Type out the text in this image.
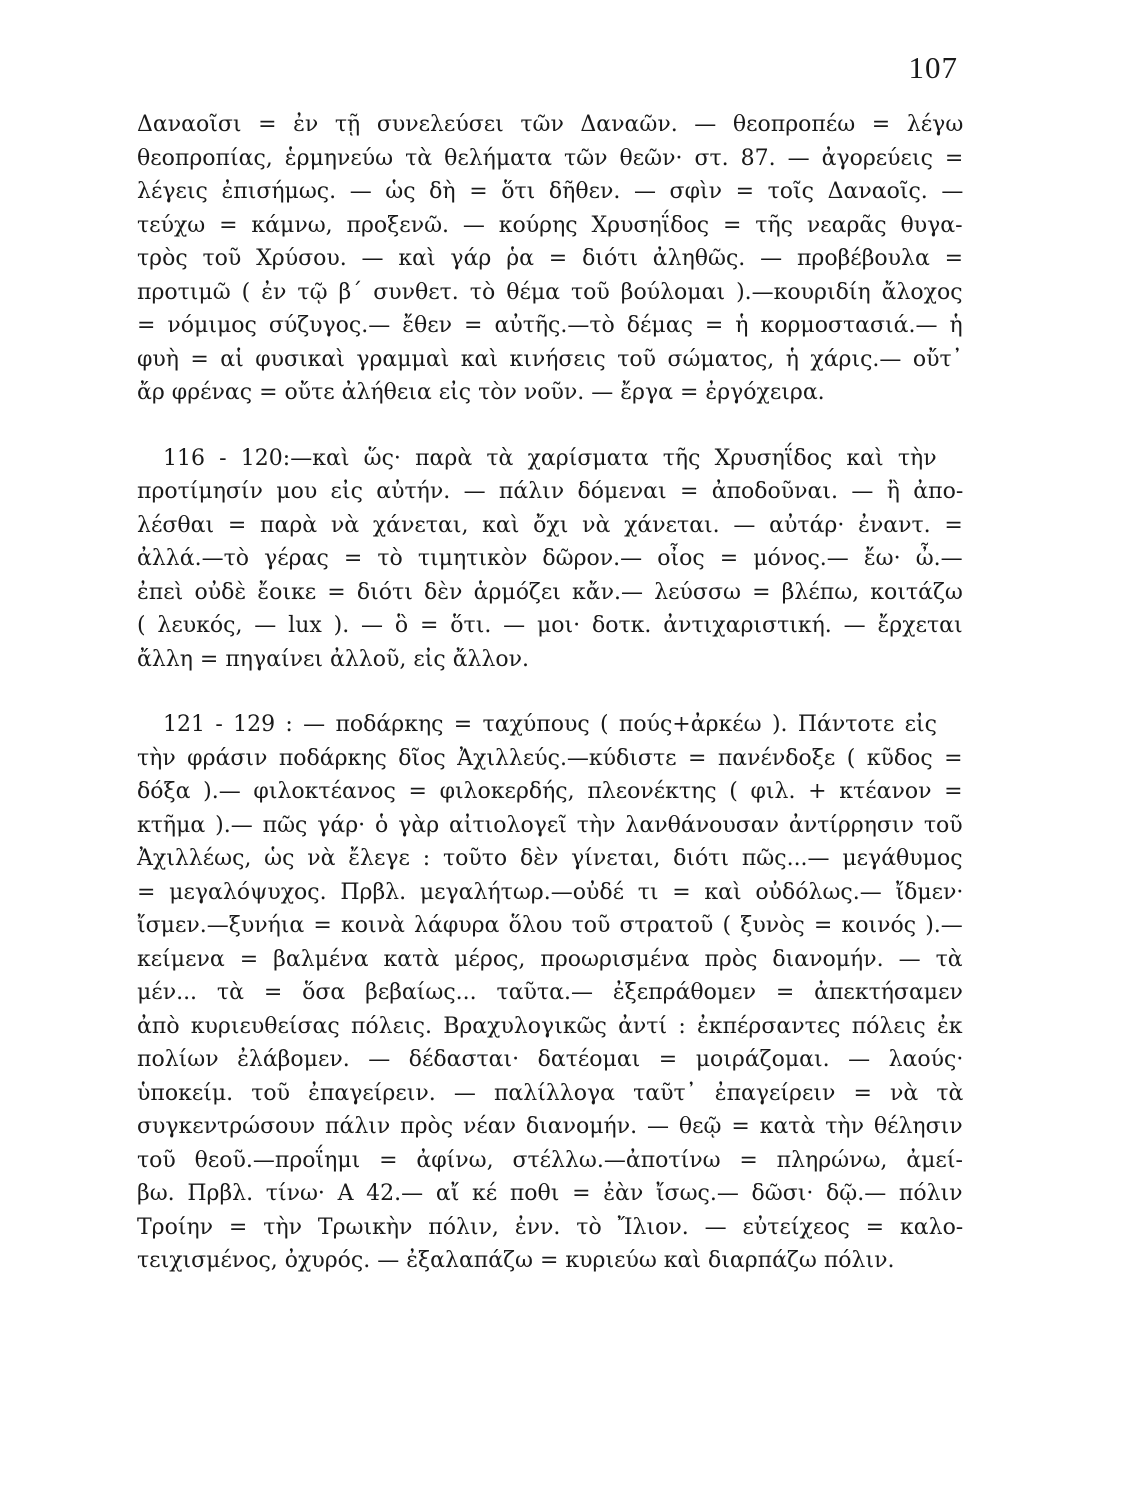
107
Δαναοῖσι = ἐν τῇ συνελεύσει τῶν Δαναῶν. — θεοπροπέω = λέγω
θεοπροπίας, ἑρμηνεύω τὰ θελήματα τῶν θεῶν· στ. 87. — ἀγορεύεις =
λέγεις ἐπισήμως. — ὡς δὴ = ὅτι δῆθεν. — σφὶν = τοῖς Δαναοῖς. —
τεύχω = κάμνω, προξενῶ. — κούρης Χρυσηΐδος = τῆς νεαρᾶς θυγα-
τρὸς τοῦ Χρύσου. — καὶ γάρ ῥα = διότι ἀληθῶς. — προβέβουλα =
προτιμῶ ( ἐν τῷ β΄ συνθετ. τὸ θέμα τοῦ βούλομαι ).—κουριδίη ἄλοχος
= νόμιμος σύζυγος.— ἔθεν = αὐτῆς.—τὸ δέμας = ἡ κορμοστασιά.— ἡ
φυὴ = αἱ φυσικαὶ γραμμαὶ καὶ κινήσεις τοῦ σώματος, ἡ χάρις.— οὔτ᾽
ἄρ φρένας = οὔτε ἀλήθεια εἰς τὸν νοῦν. — ἔργα = ἐργόχειρα.
116 - 120:—καὶ ὥς· παρὰ τὰ χαρίσματα τῆς Χρυσηΐδος καὶ τὴν
προτίμησίν μου εἰς αὐτήν. — πάλιν δόμεναι = ἀποδοῦναι. — ἢ ἀπο-
λέσθαι = παρὰ νὰ χάνεται, καὶ ὄχι νὰ χάνεται. — αὐτάρ· ἐναντ. =
ἀλλά.—τὸ γέρας = τὸ τιμητικὸν δῶρον.— οἶος = μόνος.— ἔω· ὦ.—
ἐπεὶ οὐδὲ ἔοικε = διότι δὲν ἁρμόζει κἄν.— λεύσσω = βλέπω, κοιτάζω
( λευκός, — lux ). — ὃ = ὅτι. — μοι· δοτκ. ἀντιχαριστική. — ἔρχεται
ἄλλη = πηγαίνει ἀλλοῦ, εἰς ἄλλον.
121 - 129 : — ποδάρκης = ταχύπους ( πούς+ἀρκέω ). Πάντοτε εἰς
τὴν φράσιν ποδάρκης δῖος Ἀχιλλεύς.—κύδιστε = πανένδοξε ( κῦδος =
δόξα ).— φιλοκτέανος = φιλοκερδής, πλεονέκτης ( φιλ. + κτέανον =
κτῆμα ).— πῶς γάρ· ὁ γὰρ αἰτιολογεῖ τὴν λανθάνουσαν ἀντίρρησιν τοῦ
Ἀχιλλέως, ὡς νὰ ἔλεγε : τοῦτο δὲν γίνεται, διότι πῶς...— μεγάθυμος
= μεγαλόψυχος. Πρβλ. μεγαλήτωρ.—οὐδέ τι = καὶ οὐδόλως.— ἴδμεν·
ἴσμεν.—ξυνήια = κοινὰ λάφυρα ὅλου τοῦ στρατοῦ ( ξυνὸς = κοινός ).—
κείμενα = βαλμένα κατὰ μέρος, προωρισμένα πρὸς διανομήν. — τὰ
μέν... τὰ = ὅσα βεβαίως... ταῦτα.— ἐξεπράθομεν = ἀπεκτήσαμεν
ἀπὸ κυριευθείσας πόλεις. Βραχυλογικῶς ἀντί : ἐκπέρσαντες πόλεις ἐκ
πολίων ἐλάβομεν. — δέδασται· δατέομαι = μοιράζομαι. — λαούς·
ὑποκείμ. τοῦ ἐπαγείρειν. — παλίλλογα ταῦτ᾽ ἐπαγείρειν = νὰ τὰ
συγκεντρώσουν πάλιν πρὸς νέαν διανομήν. — θεῷ = κατὰ τὴν θέλησιν
τοῦ θεοῦ.—προΐημι = ἀφίνω, στέλλω.—ἀποτίνω = πληρώνω, ἀμεί-
βω. Πρβλ. τίνω· Α 42.— αἴ κέ ποθι = ἐὰν ἴσως.— δῶσι· δῷ.— πόλιν
Τροίην = τὴν Τρωικὴν πόλιν, ἐνν. τὸ Ἴλιον. — εὐτείχεος = καλο-
τειχισμένος, ὀχυρός. — ἐξαλαπάζω = κυριεύω καὶ διαρπάζω πόλιν.
